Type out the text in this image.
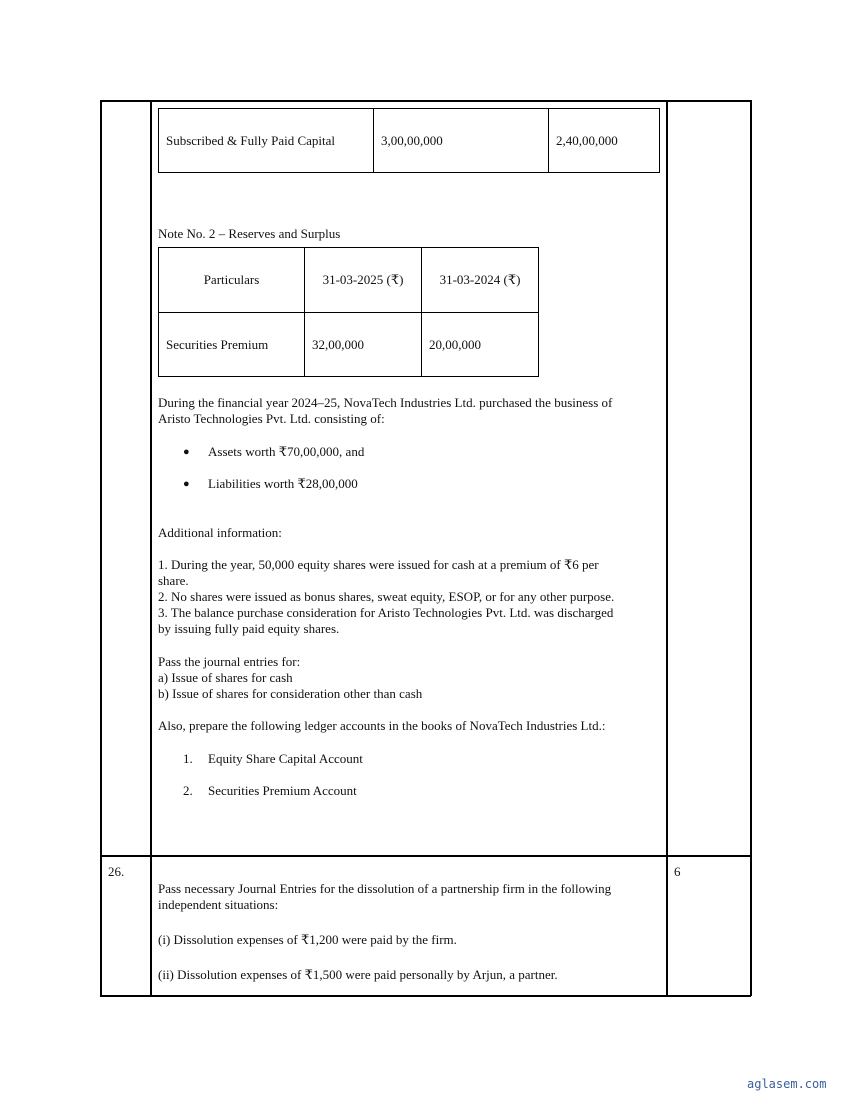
Subscribed & Fully Paid Capital	3,00,00,000	2,40,00,000
Note No. 2 – Reserves and Surplus
Particulars	31-03-2025 (₹)	31-03-2024 (₹)
Securities Premium	32,00,000	20,00,000
During the financial year 2024–25, NovaTech Industries Ltd. purchased the business of
Aristo Technologies Pvt. Ltd. consisting of:
● Assets worth ₹70,00,000, and
● Liabilities worth ₹28,00,000
Additional information:
1. During the year, 50,000 equity shares were issued for cash at a premium of ₹6 per
share.
2. No shares were issued as bonus shares, sweat equity, ESOP, or for any other purpose.
3. The balance purchase consideration for Aristo Technologies Pvt. Ltd. was discharged
by issuing fully paid equity shares.
Pass the journal entries for:
a) Issue of shares for cash
b) Issue of shares for consideration other than cash
Also, prepare the following ledger accounts in the books of NovaTech Industries Ltd.:
1. Equity Share Capital Account
2. Securities Premium Account
26.	6
Pass necessary Journal Entries for the dissolution of a partnership firm in the following
independent situations:
(i) Dissolution expenses of ₹1,200 were paid by the firm.
(ii) Dissolution expenses of ₹1,500 were paid personally by Arjun, a partner.
aglasem.com
